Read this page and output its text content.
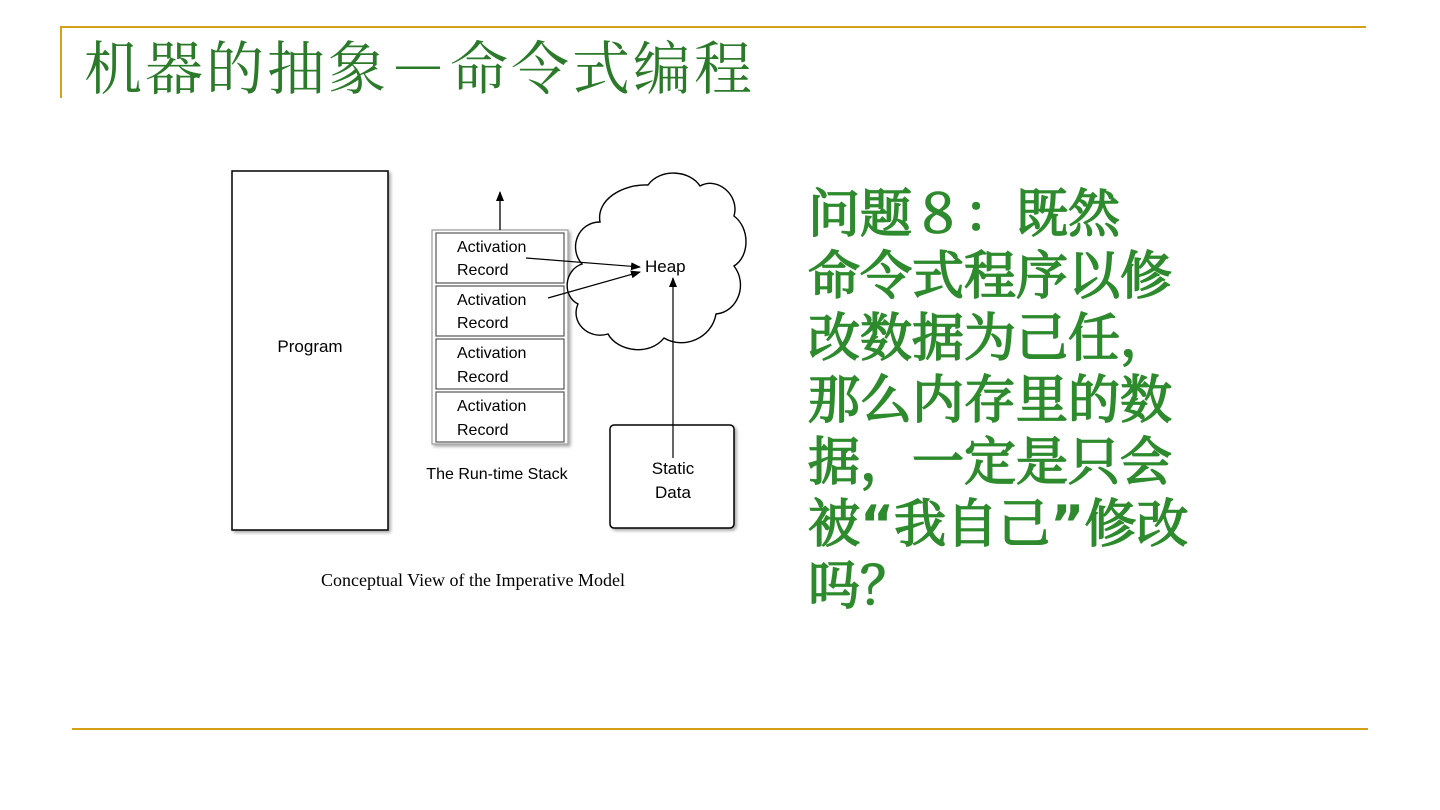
机器的抽象－命令式编程
Program
Activation
Record
Activation
Record
Activation
Record
Activation
Record
The Run-time Stack
Heap
Static
Data
Conceptual View of the Imperative Model
问题８：既然
命令式程序以修
改数据为己任，
那么内存里的数
据，一定是只会
被“我自己”修改
吗？
